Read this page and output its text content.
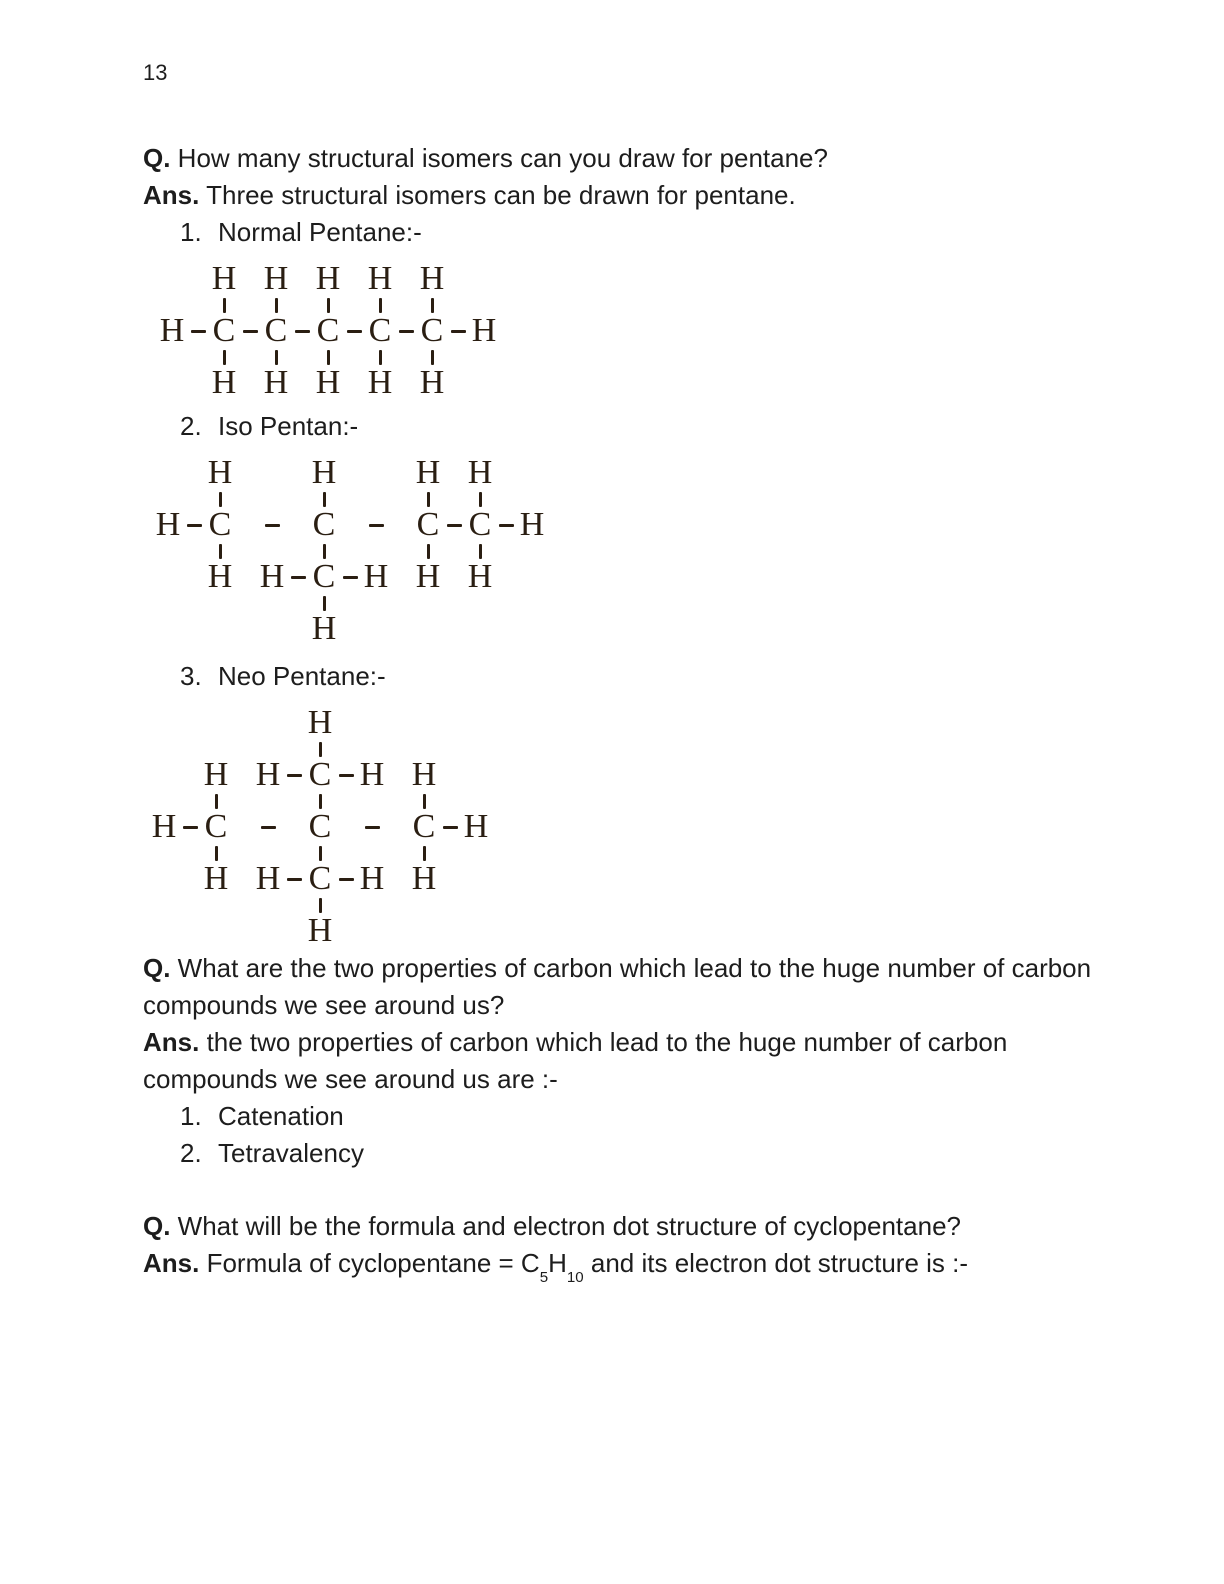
13

Q. How many structural isomers can you draw for pentane?

Ans. Three structural isomers can be drawn for pentane.

1. Normal Pentane:-
H H H H H
H C C C C C H
H H H H H
2. Iso Pentan:-
H H H H
H C C C C H
H H C H H H
H
3. Neo Pentane:-
H
H H C H H
H C C C H
H H C H H
H

Q. What are the two properties of carbon which lead to the huge number of carbon compounds we see around us?

Ans. the two properties of carbon which lead to the huge number of carbon compounds we see around us are :-

1. Catenation
2. Tetravalency

Q. What will be the formula and electron dot structure of cyclopentane?

Ans. Formula of cyclopentane = $C_5H_{10}$ and its electron dot structure is :-
